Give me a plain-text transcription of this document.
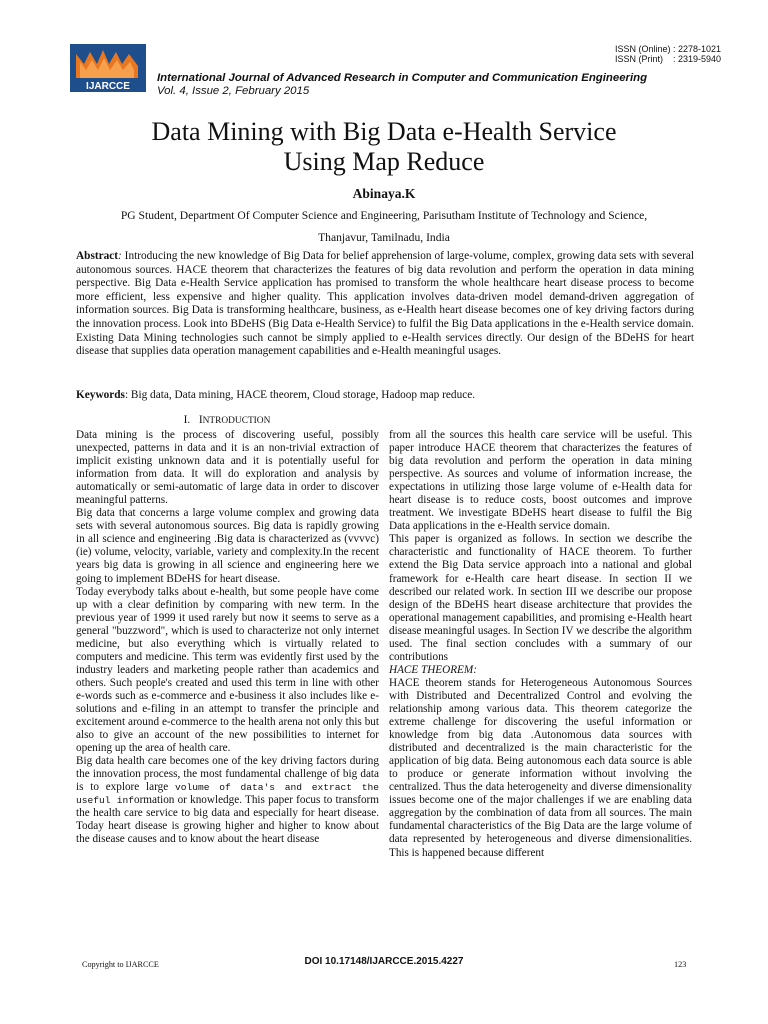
IJARCCE
ISSN (Online) : 2278-1021
ISSN (Print)    : 2319-5940
International Journal of Advanced Research in Computer and Communication Engineering
Vol. 4, Issue 2, February 2015
Data Mining with Big Data e-Health Service
Using Map Reduce
Abinaya.K
PG Student, Department Of Computer Science and Engineering, Parisutham Institute of Technology and Science,
Thanjavur, Tamilnadu, India

Abstract: Introducing the new knowledge of Big Data for belief apprehension of large-volume, complex, growing data sets with several autonomous sources. HACE theorem that characterizes the features of big data revolution and perform the operation in data mining perspective. Big Data e-Health Service application has promised to transform the whole healthcare heart disease process to become more efficient, less expensive and higher quality. This application involves data-driven model demand-driven aggregation of information sources. Big Data is transforming healthcare, business, as e-Health heart disease becomes one of key driving factors during the innovation process. Look into BDeHS (Big Data e-Health Service) to fulfil the Big Data applications in the e-Health service domain. Existing Data Mining technologies such cannot be simply applied to e-Health services directly. Our design of the BDeHS for heart disease that supplies data operation management capabilities and e-Health meaningful usages.

Keywords: Big data, Data mining, HACE theorem, Cloud storage, Hadoop map reduce.

I. INTRODUCTION

Data mining is the process of discovering useful, possibly unexpected, patterns in data and it is an non-trivial extraction of implicit existing unknown data and it is potentially useful for information from data. It will do exploration and analysis by automatically or semi-automatic of large data in order to discover meaningful patterns.

Big data that concerns a large volume complex and growing data sets with several autonomous sources. Big data is rapidly growing in all science and engineering .Big data is characterized as (vvvvc) (ie) volume, velocity, variable, variety and complexity.In the recent years big data is growing in all science and engineering here we going to implement BDeHS for heart disease.

Today everybody talks about e-health, but some people have come up with a clear definition by comparing with new term. In the previous year of 1999 it used rarely but now it seems to serve as a general "buzzword", which is used to characterize not only internet medicine, but also everything which is virtually related to computers and medicine. This term was evidently first used by the industry leaders and marketing people rather than academics and others. Such people's created and used this term in line with other e-words such as e-commerce and e-business it also includes like e-solutions and e-filing in an attempt to transfer the principle and excitement around e-commerce to the health arena not only this but also to give an account of the new possibilities to internet for opening up the area of health care.

Big data health care becomes one of the key driving factors during the innovation process, the most fundamental challenge of big data is to explore large volume of data's and extract the useful information or knowledge. This paper focus to transform the health care service to big data and especially for heart disease. Today heart disease is growing higher and higher to know about the disease causes and to know about the heart disease

from all the sources this health care service will be useful. This paper introduce HACE theorem that characterizes the features of big data revolution and perform the operation in data mining perspective. As sources and volume of information increase, the expectations in utilizing those large volume of e-Health data for heart disease is to reduce costs, boost outcomes and improve treatment. We investigate BDeHS heart disease to fulfil the Big Data applications in the e-Health service domain.

This paper is organized as follows. In section we describe the characteristic and functionality of HACE theorem. To further extend the Big Data service approach into a national and global framework for e-Health care heart disease. In section II we described our related work. In section III we describe our propose design of the BDeHS heart disease architecture that provides the operational management capabilities, and promising e-Health heart disease meaningful usages. In Section IV we describe the algorithm used. The final section concludes with a summary of our contributions

HACE THEOREM:

HACE theorem stands for Heterogeneous Autonomous Sources with Distributed and Decentralized Control and evolving the relationship among various data. This theorem categorize the extreme challenge for discovering the useful information or knowledge from big data .Autonomous data sources with distributed and decentralized is the main characteristic for the application of big data. Being autonomous each data source is able to produce or generate information without involving the centralized. Thus the data heterogeneity and diverse dimensionality issues become one of the major challenges if we are enabling data aggregation by the combination of data from all sources. The main fundamental characteristics of the Big Data are the large volume of data represented by heterogeneous and diverse dimensionalities. This is happened because different

Copyright to IJARCCE	DOI 10.17148/IJARCCE.2015.4227	123
